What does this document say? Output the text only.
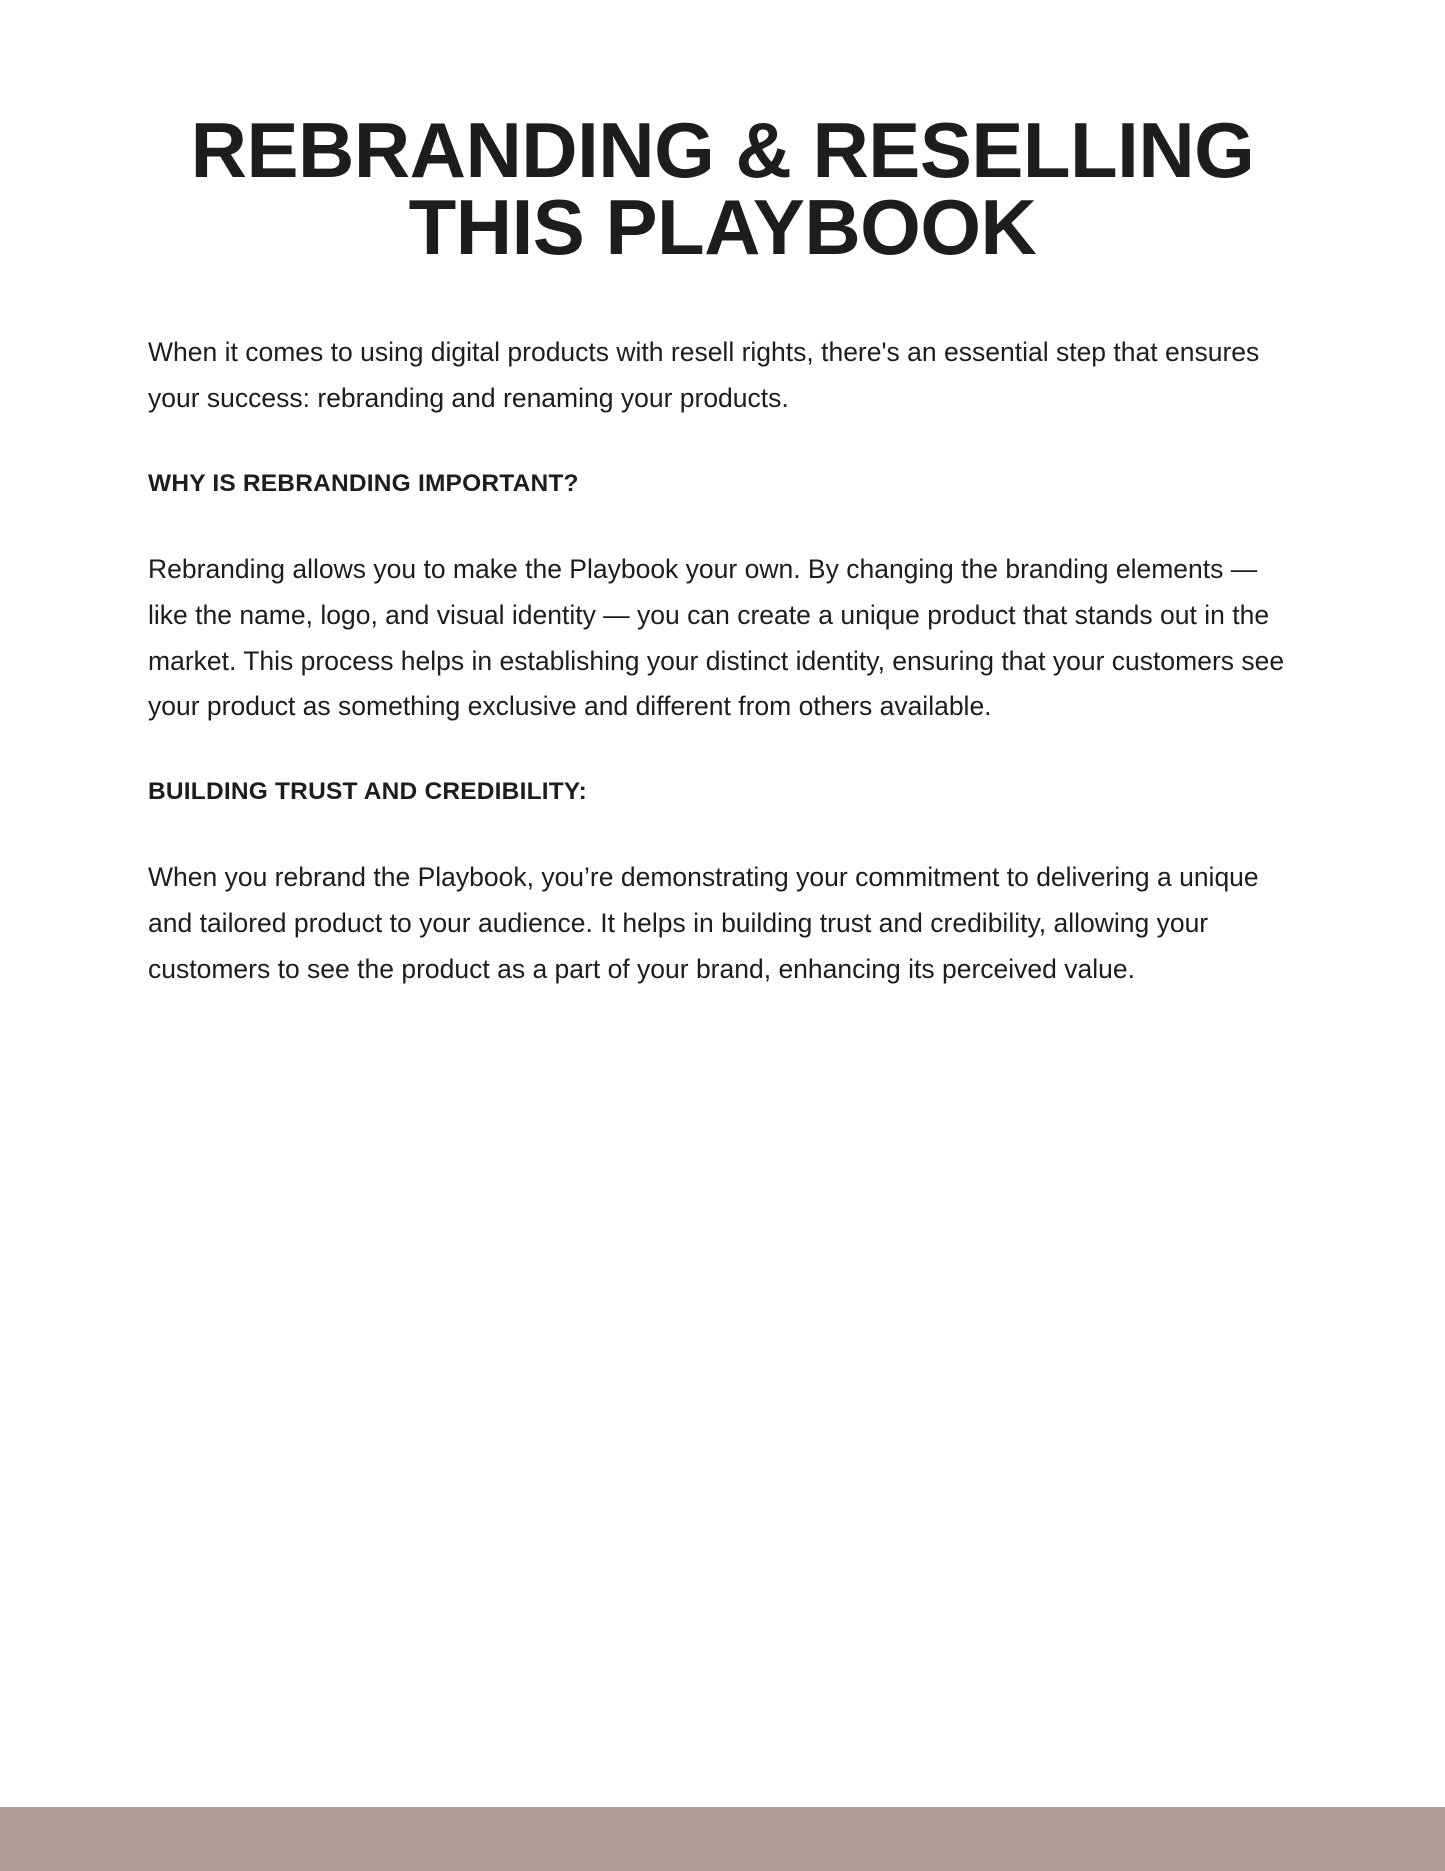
REBRANDING & RESELLING THIS PLAYBOOK

When it comes to using digital products with resell rights, there's an essential step that ensures your success: rebranding and renaming your products.

WHY IS REBRANDING IMPORTANT?

Rebranding allows you to make the Playbook your own. By changing the branding elements — like the name, logo, and visual identity — you can create a unique product that stands out in the market. This process helps in establishing your distinct identity, ensuring that your customers see your product as something exclusive and different from others available.

BUILDING TRUST AND CREDIBILITY:

When you rebrand the Playbook, you’re demonstrating your commitment to delivering a unique and tailored product to your audience. It helps in building trust and credibility, allowing your customers to see the product as a part of your brand, enhancing its perceived value.
